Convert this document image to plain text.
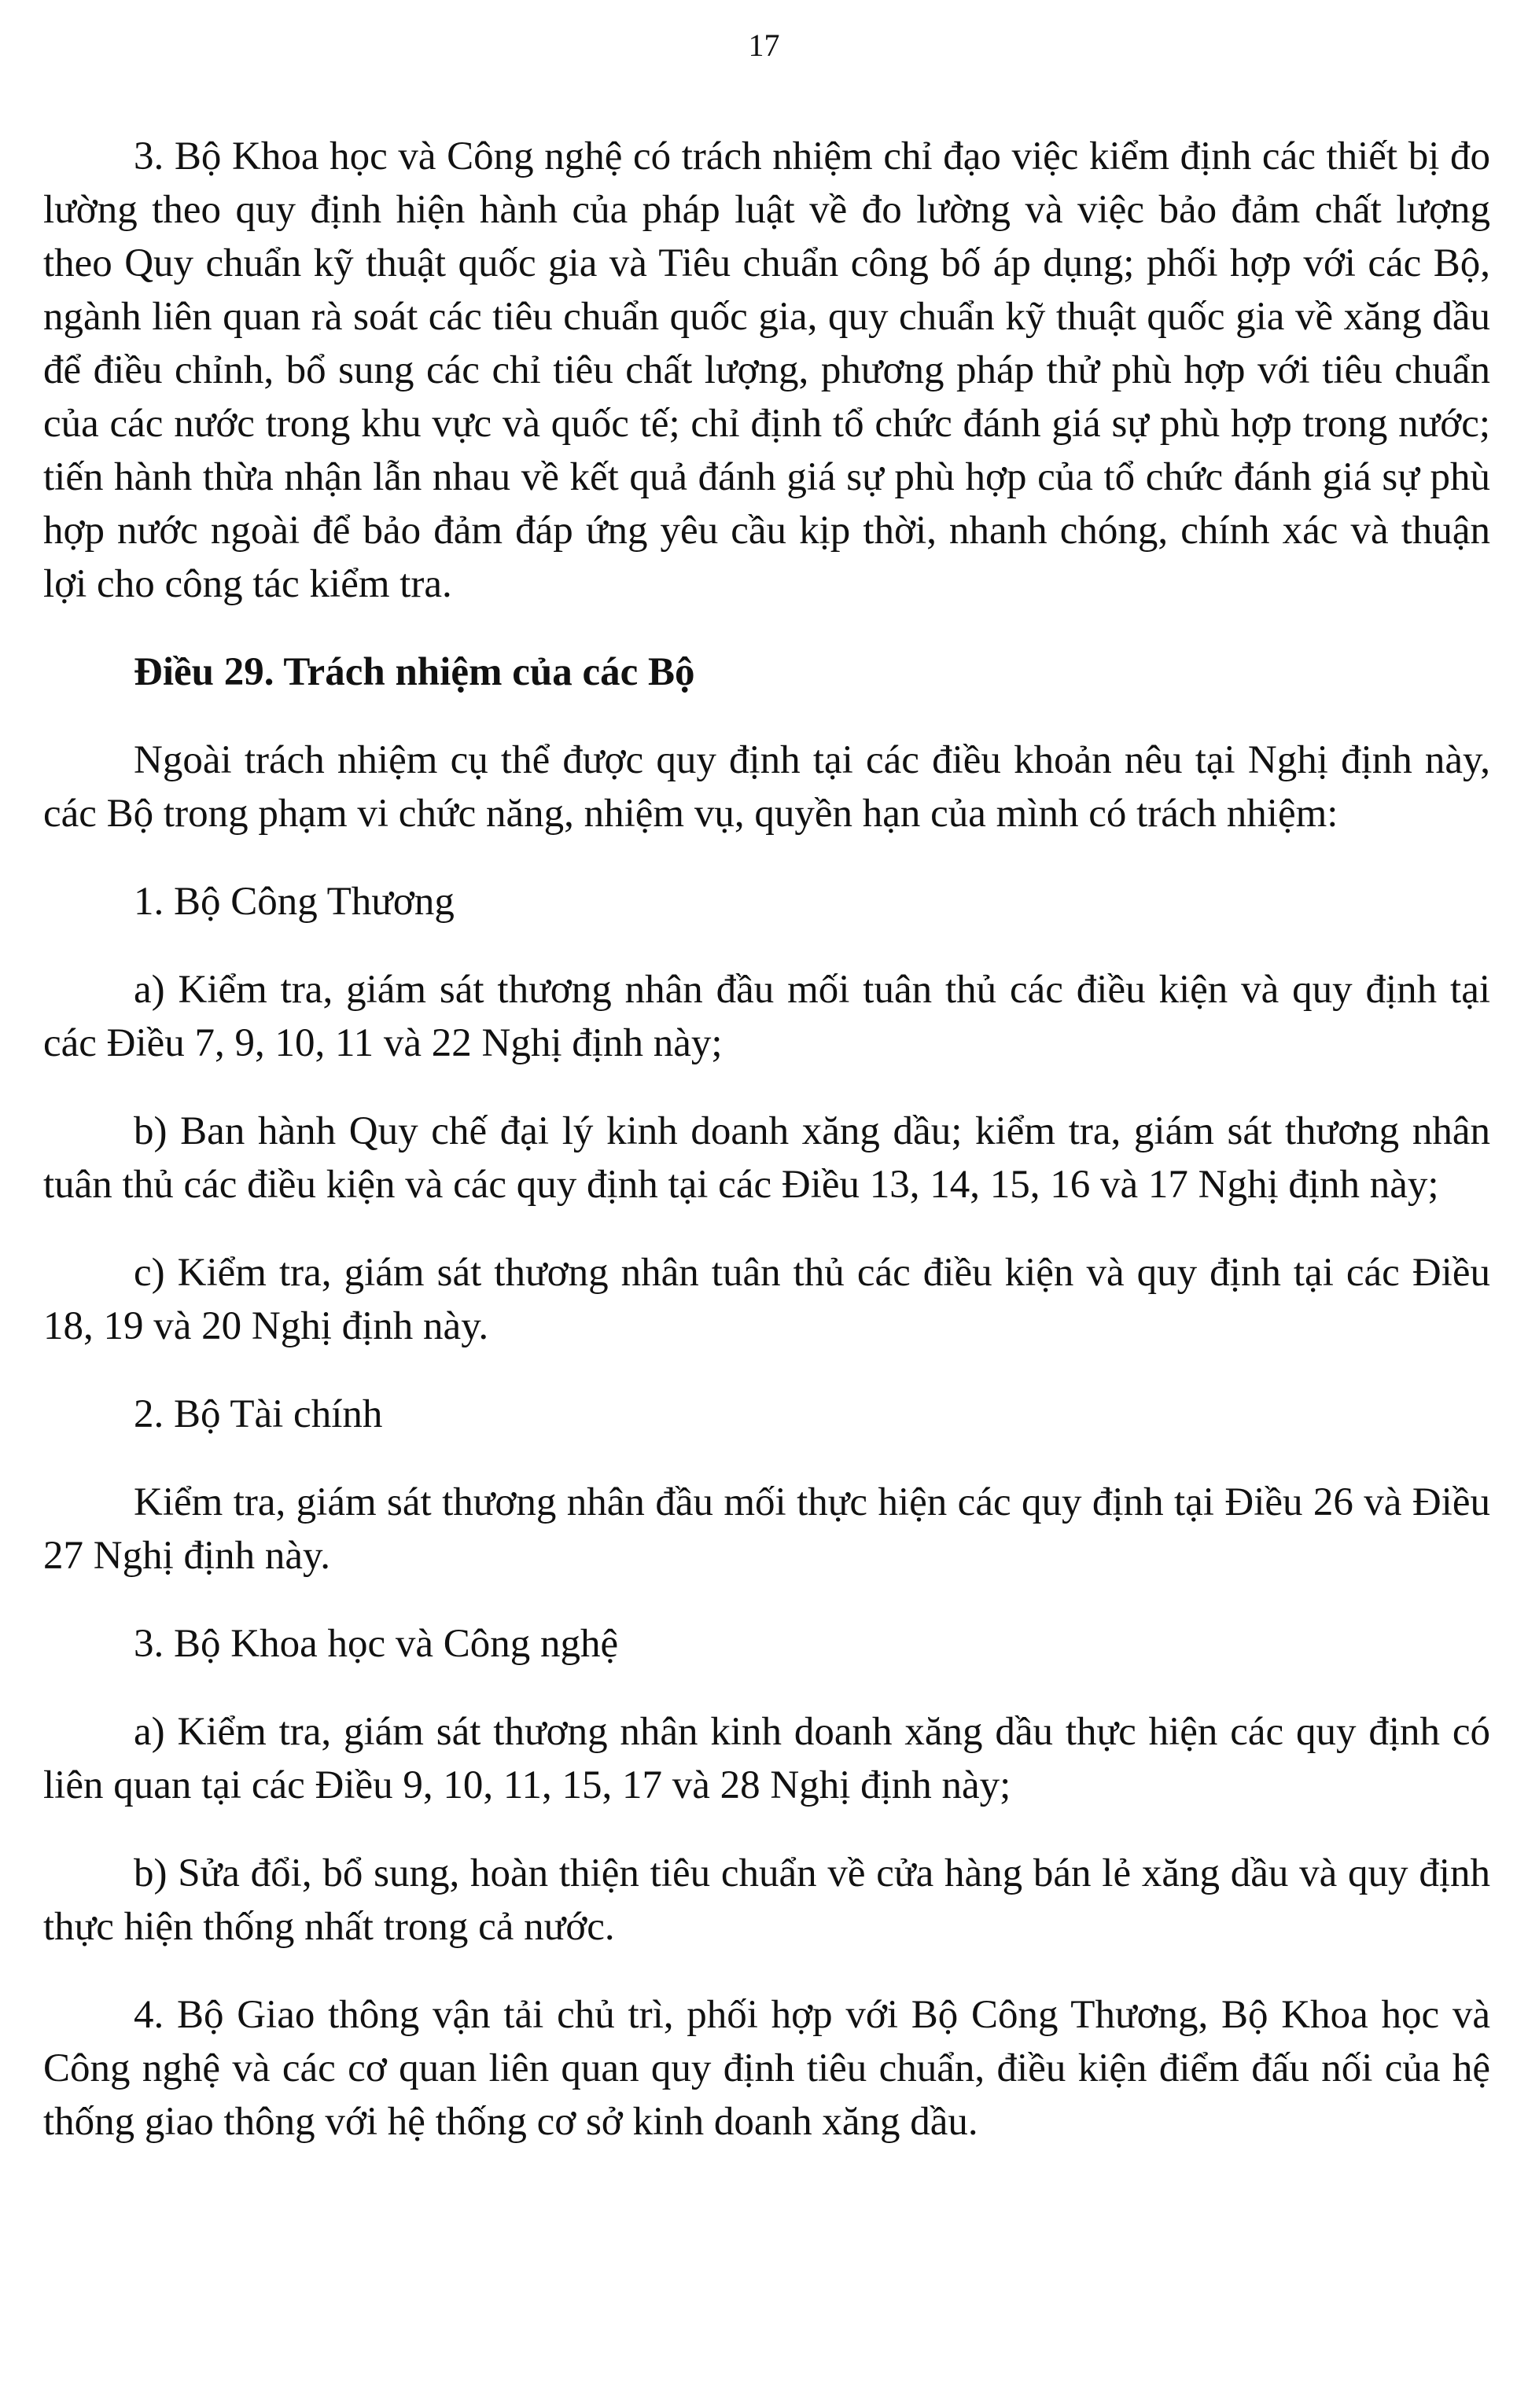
17

3. Bộ Khoa học và Công nghệ có trách nhiệm chỉ đạo việc kiểm định các thiết bị đo lường theo quy định hiện hành của pháp luật về đo lường và việc bảo đảm chất lượng theo Quy chuẩn kỹ thuật quốc gia và Tiêu chuẩn công bố áp dụng; phối hợp với các Bộ, ngành liên quan rà soát các tiêu chuẩn quốc gia, quy chuẩn kỹ thuật quốc gia về xăng dầu để điều chỉnh, bổ sung các chỉ tiêu chất lượng, phương pháp thử phù hợp với tiêu chuẩn của các nước trong khu vực và quốc tế; chỉ định tổ chức đánh giá sự phù hợp trong nước; tiến hành thừa nhận lẫn nhau về kết quả đánh giá sự phù hợp của tổ chức đánh giá sự phù hợp nước ngoài để bảo đảm đáp ứng yêu cầu kịp thời, nhanh chóng, chính xác và thuận lợi cho công tác kiểm tra.

Điều 29. Trách nhiệm của các Bộ

Ngoài trách nhiệm cụ thể được quy định tại các điều khoản nêu tại Nghị định này, các Bộ trong phạm vi chức năng, nhiệm vụ, quyền hạn của mình có trách nhiệm:

1. Bộ Công Thương

a) Kiểm tra, giám sát thương nhân đầu mối tuân thủ các điều kiện và quy định tại các Điều 7, 9, 10, 11 và 22 Nghị định này;

b) Ban hành Quy chế đại lý kinh doanh xăng dầu; kiểm tra, giám sát thương nhân tuân thủ các điều kiện và các quy định tại các Điều 13, 14, 15, 16 và 17 Nghị định này;

c) Kiểm tra, giám sát thương nhân tuân thủ các điều kiện và quy định tại các Điều 18, 19 và 20 Nghị định này.

2. Bộ Tài chính

Kiểm tra, giám sát thương nhân đầu mối thực hiện các quy định tại Điều 26 và Điều 27 Nghị định này.

3. Bộ Khoa học và Công nghệ

a) Kiểm tra, giám sát thương nhân kinh doanh xăng dầu thực hiện các quy định có liên quan tại các Điều 9, 10, 11, 15, 17 và 28 Nghị định này;

b) Sửa đổi, bổ sung, hoàn thiện tiêu chuẩn về cửa hàng bán lẻ xăng dầu và quy định thực hiện thống nhất trong cả nước.

4. Bộ Giao thông vận tải chủ trì, phối hợp với Bộ Công Thương, Bộ Khoa học và Công nghệ và các cơ quan liên quan quy định tiêu chuẩn, điều kiện điểm đấu nối của hệ thống giao thông với hệ thống cơ sở kinh doanh xăng dầu.
